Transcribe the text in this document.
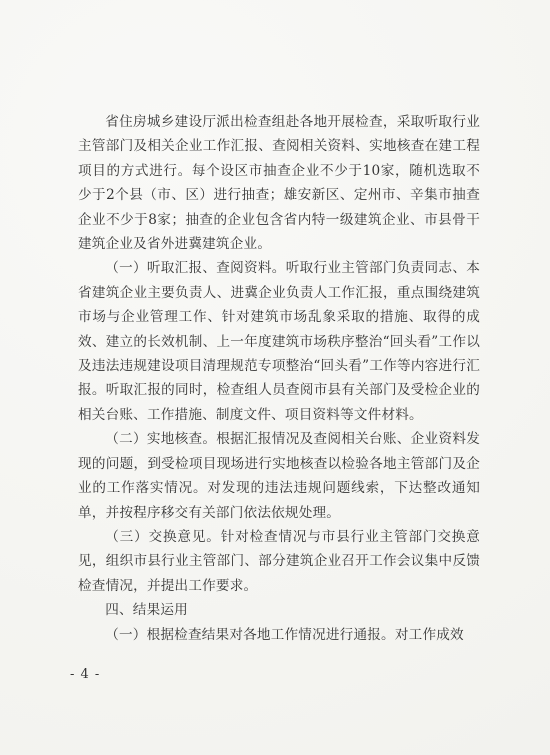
省住房城乡建设厅派出检查组赴各地开展检查，采取听取行业主管部门及相关企业工作汇报、查阅相关资料、实地核查在建工程项目的方式进行。每个设区市抽查企业不少于10家，随机选取不少于2个县（市、区）进行抽查；雄安新区、定州市、辛集市抽查企业不少于8家；抽查的企业包含省内特一级建筑企业、市县骨干建筑企业及省外进冀建筑企业。

（一）听取汇报、查阅资料。听取行业主管部门负责同志、本省建筑企业主要负责人、进冀企业负责人工作汇报，重点围绕建筑市场与企业管理工作、针对建筑市场乱象采取的措施、取得的成效、建立的长效机制、上一年度建筑市场秩序整治“回头看”工作以及违法违规建设项目清理规范专项整治“回头看”工作等内容进行汇报。听取汇报的同时，检查组人员查阅市县有关部门及受检企业的相关台账、工作措施、制度文件、项目资料等文件材料。

（二）实地核查。根据汇报情况及查阅相关台账、企业资料发现的问题，到受检项目现场进行实地核查以检验各地主管部门及企业的工作落实情况。对发现的违法违规问题线索，下达整改通知单，并按程序移交有关部门依法依规处理。

（三）交换意见。针对检查情况与市县行业主管部门交换意见，组织市县行业主管部门、部分建筑企业召开工作会议集中反馈检查情况，并提出工作要求。

四、结果运用

（一）根据检查结果对各地工作情况进行通报。对工作成效

- 4 -
